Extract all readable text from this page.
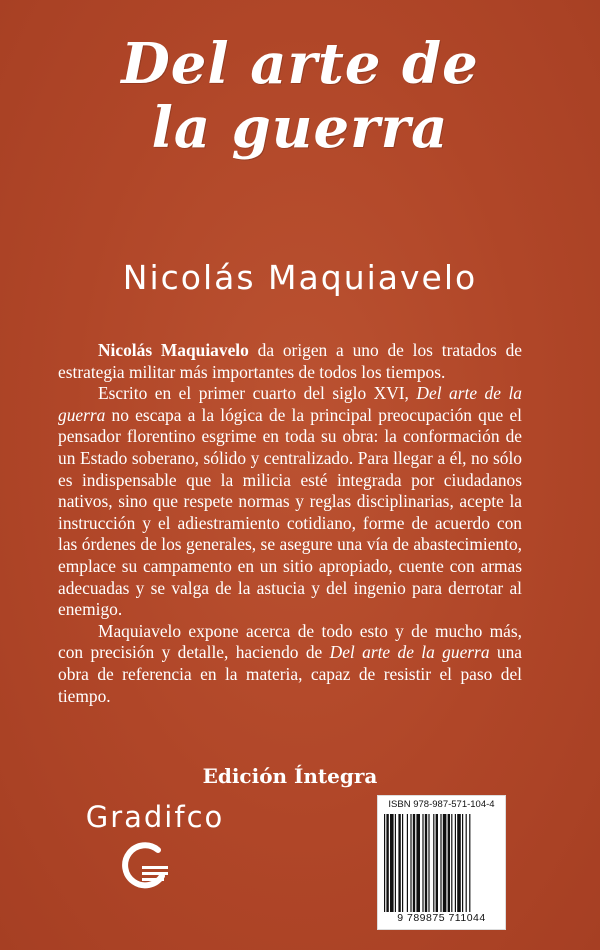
Del arte de
la guerra
Nicolás Maquiavelo

Nicolás Maquiavelo da origen a uno de los tratados de estrategia militar más importantes de todos los tiempos.

Escrito en el primer cuarto del siglo XVI, Del arte de la guerra no escapa a la lógica de la principal preocupación que el pensador florentino esgrime en toda su obra: la conformación de un Estado soberano, sólido y centralizado. Para llegar a él, no sólo es indispensable que la milicia esté integrada por ciudadanos nativos, sino que respete normas y reglas disciplinarias, acepte la instrucción y el adiestramiento cotidiano, forme de acuerdo con las órdenes de los generales, se asegure una vía de abastecimiento, emplace su campamento en un sitio apropiado, cuente con armas adecuadas y se valga de la astucia y del ingenio para derrotar al enemigo.

Maquiavelo expone acerca de todo esto y de mucho más, con precisión y detalle, haciendo de Del arte de la guerra una obra de referencia en la materia, capaz de resistir el paso del tiempo.

Edición Íntegra
Gradifco	ISBN 978-987-571-104-4
9 789875 711044
